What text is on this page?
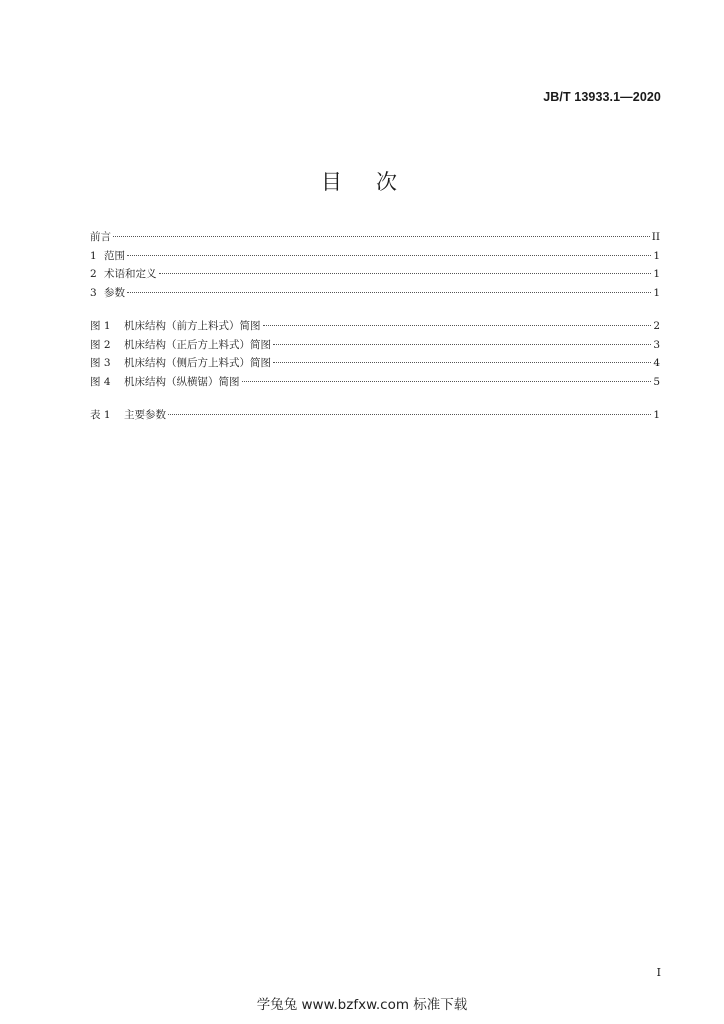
JB/T 13933.1—2020
目次
前言	II
1 范围	1
2 术语和定义	1
3 参数	1
图 1	机床结构（前方上料式）简图	2
图 2	机床结构（正后方上料式）简图	3
图 3	机床结构（侧后方上料式）简图	4
图 4	机床结构（纵横锯）简图	5
表 1	主要参数	1
I
学兔兔 www.bzfxw.com 标准下载
